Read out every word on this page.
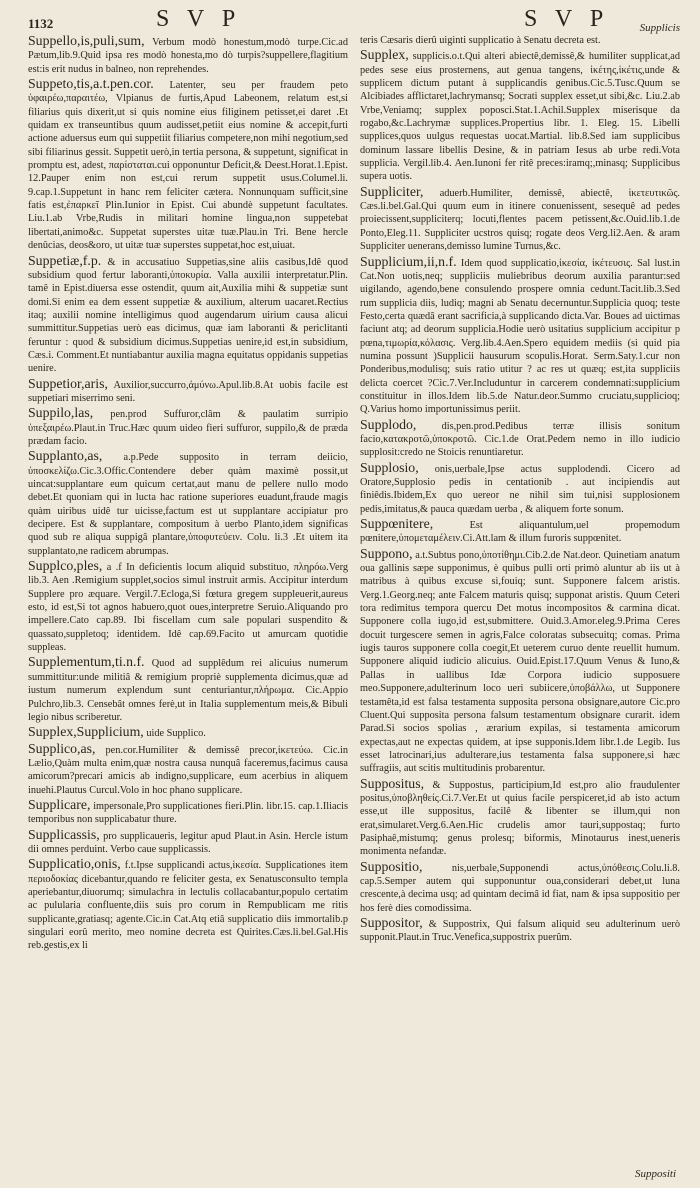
1132	S V P	S V P	Supplicis

Suppello,is,puli,sum, Verbum modò honestum,modò turpe.Cic.ad Pætum,lib.9.Quid ipsa res modò honesta,mo dò turpis?suppellere,flagitium est:is erit nudus in balneo, non reprehendes.

Suppeto,tis,a.t.pen.cor. Latenter, seu per fraudem peto ὑφαιρέω,παραιτέω, Vlpianus de furtis,Apud Labeonem, relatum est,si filiarius quis dixerit,ut si quis nomine eius filiginem petisset,ei daret .Et quidam ex transeuntibus quum audisset,petiit eius nomine & accepit,furti actione aduersus eum qui suppetiit filiarius competere,non mihi negotium,sed sibi filiarinus gessit. Suppetit uerò,in tertia persona, & suppetunt, significat in promptu est, adest, παρίσταται.cui opponuntur Deficit,& Deest.Horat.1.Epist. 12.Pauper enim non est,cui rerum suppetit usus.Columel.li. 9.cap.1.Suppetunt in hanc rem feliciter cætera. Nonnunquam sufficit,sine fatis est,ἐπαρκεῖ Plin.Iunior in Epist. Cui abundè suppetunt facultates. Liu.1.ab Vrbe,Rudis in militari homine lingua,non suppetebat libertati,animo&c. Suppetat superstes uitæ tuæ.Plau.in Tri. Bene hercle denûcias, deos&oro, ut uitæ tuæ superstes suppetat,hoc est,uiuat.

Suppetiæ,f.p. & in accusatiuo Suppetias,sine aliis casibus,Idê quod subsidium quod fertur laboranti,ὑποκυρία. Valla auxilii interpretatur.Plin. tamê in Epist.diuersa esse ostendit, quum ait,Auxilia mihi & suppetiæ sunt domi.Si enim ea dem essent suppetiæ & auxilium, alterum uacaret.Rectius itaq; auxilii nomine intelligimus quod augendarum uirium causa alicui summittitur.Suppetias uerò eas dicimus, quæ iam laboranti & periclitanti feruntur : quod & subsidium dicimus.Suppetias uenire,id est,in subsidium, Cæs.i. Comment.Et nuntiabantur auxilia magna equitatus oppidanis suppetias uenire.

Suppetior,aris, Auxilior,succurro,ἀμύνω.Apul.lib.8.At uobis facile est suppetiari miserrimo seni.

Suppilo,las, pen.prod Suffuror,clâm & paulatim surripio ὑπεξαιρέω.Plaut.in Truc.Hæc quum uideo fieri suffuror, suppilo,& de præda prædam facio.

Supplanto,as, a.p.Pede supposito in terram deiicio, ὑποσκελίζω.Cic.3.Offic.Contendere deber quàm maximè possit,ut uincat:supplantare eum quicum certat,aut manu de pellere nullo modo debet.Et quoniam qui in lucta hac ratione superiores euadunt,fraude magis quàm uiribus uidê tur uicisse,factum est ut supplantare accipiatur pro decipere. Est & supplantare, compositum à uerbo Planto,idem significas quod sub re aliqua suppigâ plantare,ὑποφυτεύειν. Colu. li.3 .Et uitem ita supplantato,ne radicem abrumpas.

Supplco,ples, a .f In deficientis locum aliquid substituo, πληρόω.Verg lib.3. Aen .Remigium supplet,socios simul instruit armis. Accipitur interdum Supplere pro æquare. Vergil.7.Ecloga,Si fœtura gregem suppleuerit,aureus esto, id est,Si tot agnos habuero,quot oues,interpretre Seruio.Aliquando pro impellere.Cato cap.89. Ibi fiscellam cum sale populari suspendito & quassato,suppletoq; identidem. Idê cap.69.Facito ut amurcam quotidie suppleas.

Supplementum,ti.n.f. Quod ad supplêdum rei alicuius numerum summittitur:unde militiâ & remigium propriè supplementa dicimus,quæ ad iustum numerum explendum sunt centuriantur,πλήρωμα. Cic.Appio Pulchro,lib.3. Censebât omnes ferè,ut in Italia supplementum meis,& Bibuli legio nibus scriberetur.

Supplex,Supplicium, uide Supplico.

Supplico,as, pen.cor.Humiliter & demissê precor,ἱκετεύω. Cic.in Lælio,Quàm multa enim,quæ nostra causa nunquâ faceremus,facimus causa amicorum?precari amicis ab indigno,supplicare, eum acerbius in aliquem inuehi.Plautus Curcul.Volo in hoc phano supplicare.

Supplicare, impersonale,Pro supplicationes fieri.Plin. libr.15. cap.1.Iliacis temporibus non supplicabatur thure.

Supplicassis, pro supplicaueris, legitur apud Plaut.in Asin. Hercle istum dii omnes perduint. Verbo caue supplicassis.

Supplicatio,onis, f.t.Ipse supplicandi actus,ἱκεσία. Supplicationes item περιοδοκίας dicebantur,quando re feliciter gesta, ex Senatusconsulto templa aperiebantur,diuorumq; simulachra in lectulis collacabantur,populo certatim ac pulularia confluente,diis suis pro corum in Rempublicam me ritis supplicante,gratiasq; agente.Cic.in Cat.Atq etiâ supplicatio diis immortalib.p singulari eorû merito, meo nomine decreta est Quirites.Cæs.li.bel.Gal.His reb.gestis,ex li

teris Cæsaris dierû uiginti supplicatio à Senatu decreta est.

Supplex, supplicis.o.t.Qui alteri abiectê,demissê,& humiliter supplicat,ad pedes sese eius prosternens, aut genua tangens, ἱκέτης,ἱκέτις,unde & supplicem dictum putant à supplicandis genibus.Cic.5.Tusc.Quum se Alcibiades afflictaret,lachrymansq; Socrati supplex esset,ut sibi,&c. Liu.2.ab Vrbe,Veniamq; supplex poposci.Stat.1.Achil.Supplex miserisque da rogabo,&c.Lachrymæ supplices.Propertius libr. 1. Eleg. 15. Libelli supplices,quos uulgus requestas uocat.Martial. lib.8.Sed iam supplicibus dominum lassare libellis Desine, & in patriam Iesus ab urbe redi.Vota supplicia. Vergil.lib.4. Aen.Iunoni fer ritê preces:iramq;,minasq; Supplicibus supera uotis.

Suppliciter, aduerb.Humiliter, demissê, abiectê, ἱκετευτικῶς. Cæs.li.bel.Gal.Qui quum eum in itinere conuenissent, sesequê ad pedes proiecissent,suppliciterq; locuti,flentes pacem petissent,&c.Ouid.lib.1.de Ponto,Eleg.11. Suppliciter ucstros quisq; rogate deos Verg.li2.Aen. & aram Suppliciter uenerans,demisso lumine Turnus,&c.

Supplicium,ii,n.f. Idem quod supplicatio,ἱκεσία, ἱκέτευσις. Sal lust.in Cat.Non uotis,neq; suppliciis muliebribus deorum auxilia parantur:sed uigilando, agendo,bene consulendo prospere omnia cedunt.Tacit.lib.3.Sed rum supplicia diis, ludiq; magni ab Senatu decernuntur.Supplicia quoq; teste Festo,certa quædâ erant sacrificia,à supplicando dicta.Var. Boues ad uictimas faciunt atq; ad deorum supplicia.Hodie uerò usitatius supplicium accipitur p pœna,τιμωρία,κόλασις. Verg.lib.4.Aen.Spero equidem mediis (si quid pia numina possunt )Supplicii hausurum scopulis.Horat. Serm.Saty.1.cur non Ponderibus,modulisq; suis ratio utitur ? ac res ut quæq; est,ita suppliciis delicta coercet ?Cic.7.Ver.Includuntur in carcerem condemnati:supplicium constituitur in illos.Idem lib.5.de Natur.deor.Summo cruciatu,supplicioq; Q.Varius homo importunissimus periit.

Supplodo, dis,pen.prod.Pedibus terræ illisis sonitum facio,κατακροτῶ,ὑποκροτῶ. Cic.1.de Orat.Pedem nemo in illo iudicio supplosit:credo ne Stoicis renuntiaretur.

Supplosio, onis,uerbale,Ipse actus supplodendi. Cicero ad Oratore,Supplosio pedis in centationib . aut incipiendis aut finiêdis.Ibidem,Ex quo uereor ne nihil sim tui,nisi supplosionem pedis,imitatus,& pauca quædam uerba , & aliquem forte sonum.

Suppœnitere,	Est aliquantulum,uel propemodum pœnitere,ὑπομεταμέλειν.Ci.Att.lam & illum furoris suppœnitet.

Suppono, a.t.Subtus pono,ὑποτίθημι.Cib.2.de Nat.deor. Quinetiam anatum oua gallinis sæpe supponimus, è quibus pulli orti primò aluntur ab iis ut à matribus à quibus excuse si,fouiq; sunt. Supponere falcem aristis. Verg.1.Georg.neq; ante Falcem maturis quisq; supponat aristis. Quum Ceteri tora redimitus tempora quercu Det motus incompositos & carmina dicat. Supponere colla iugo,id est,submittere. Ouid.3.Amor.eleg.9.Prima Ceres docuit turgescere semen in agris,Falce coloratas subsecuitq; comas. Prima iugis tauros supponere colla coegit,Et ueterem curuo dente reuellit humum. Supponere aliquid iudicio alicuius. Ouid.Epist.17.Quum Venus & Iuno,& Pallas in uallibus Idæ Corpora iudicio supposuere meo.Supponere,adulterinum loco ueri subiicere,ὑποβάλλω, ut Supponere testamêta,id est falsa testamenta supposita persona obsignare,autore Cic.pro Cluent.Qui supposita persona falsum testamentum obsignare curarit. idem Parad.Si socios spolias , ærarium expilas, si testamenta amicorum expectas,aut ne expectas quidem, at ipse supponis.Idem libr.1.de Legib. Ius esset latrocinari,ius adulterare,ius testamenta falsa supponere,si hæc suffragiis, aut scitis multitudinis probarentur.

Suppositus, & Suppostus, participium,Id est,pro alio fraudulenter positus,ὑποβληθείς.Ci.7.Ver.Et ut quius facile perspiceret,id ab isto actum esse,ut ille suppositus, facilê & libenter se illum,qui non erat,simularet.Verg.6.Aen.Hic crudelis amor tauri,suppostaq; furto Pasiphaê,mistumq; genus prolesq; biformis, Minotaurus inest,ueneris monimenta nefandæ.

Suppositio,	nis,uerbale,Supponendi actus,ὑπόθεσις.Colu.li.8. cap.5.Semper autem qui supponuntur oua,considerari debet,ut luna crescente,à decima usq; ad quintam decimâ id fiat, nam & ipsa suppositio per hos ferè dies comodissima.

Suppositor, & Suppostrix, Qui falsum aliquid seu adulterinum uerò supponit.Plaut.in Truc.Venefica,suppostrix puerûm.

Suppositi
